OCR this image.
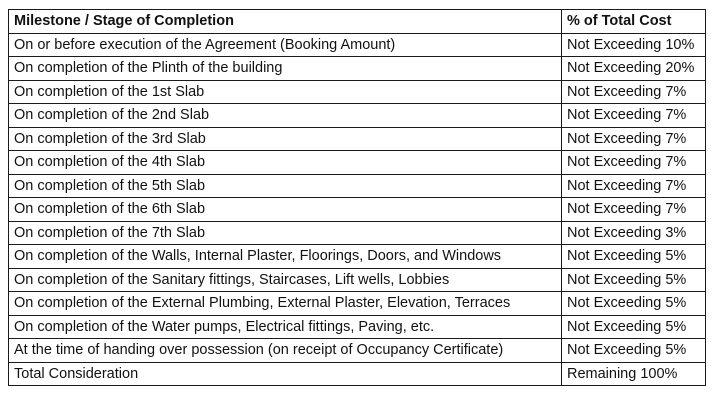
Milestone / Stage of Completion	% of Total Cost
On or before execution of the Agreement (Booking Amount)	Not Exceeding 10%
On completion of the Plinth of the building	Not Exceeding 20%
On completion of the 1st Slab	Not Exceeding 7%
On completion of the 2nd Slab	Not Exceeding 7%
On completion of the 3rd Slab	Not Exceeding 7%
On completion of the 4th Slab	Not Exceeding 7%
On completion of the 5th Slab	Not Exceeding 7%
On completion of the 6th Slab	Not Exceeding 7%
On completion of the 7th Slab	Not Exceeding 3%
On completion of the Walls, Internal Plaster, Floorings, Doors, and Windows	Not Exceeding 5%
On completion of the Sanitary fittings, Staircases, Lift wells, Lobbies	Not Exceeding 5%
On completion of the External Plumbing, External Plaster, Elevation, Terraces	Not Exceeding 5%
On completion of the Water pumps, Electrical fittings, Paving, etc.	Not Exceeding 5%
At the time of handing over possession (on receipt of Occupancy Certificate)	Not Exceeding 5%
Total Consideration	Remaining 100%
